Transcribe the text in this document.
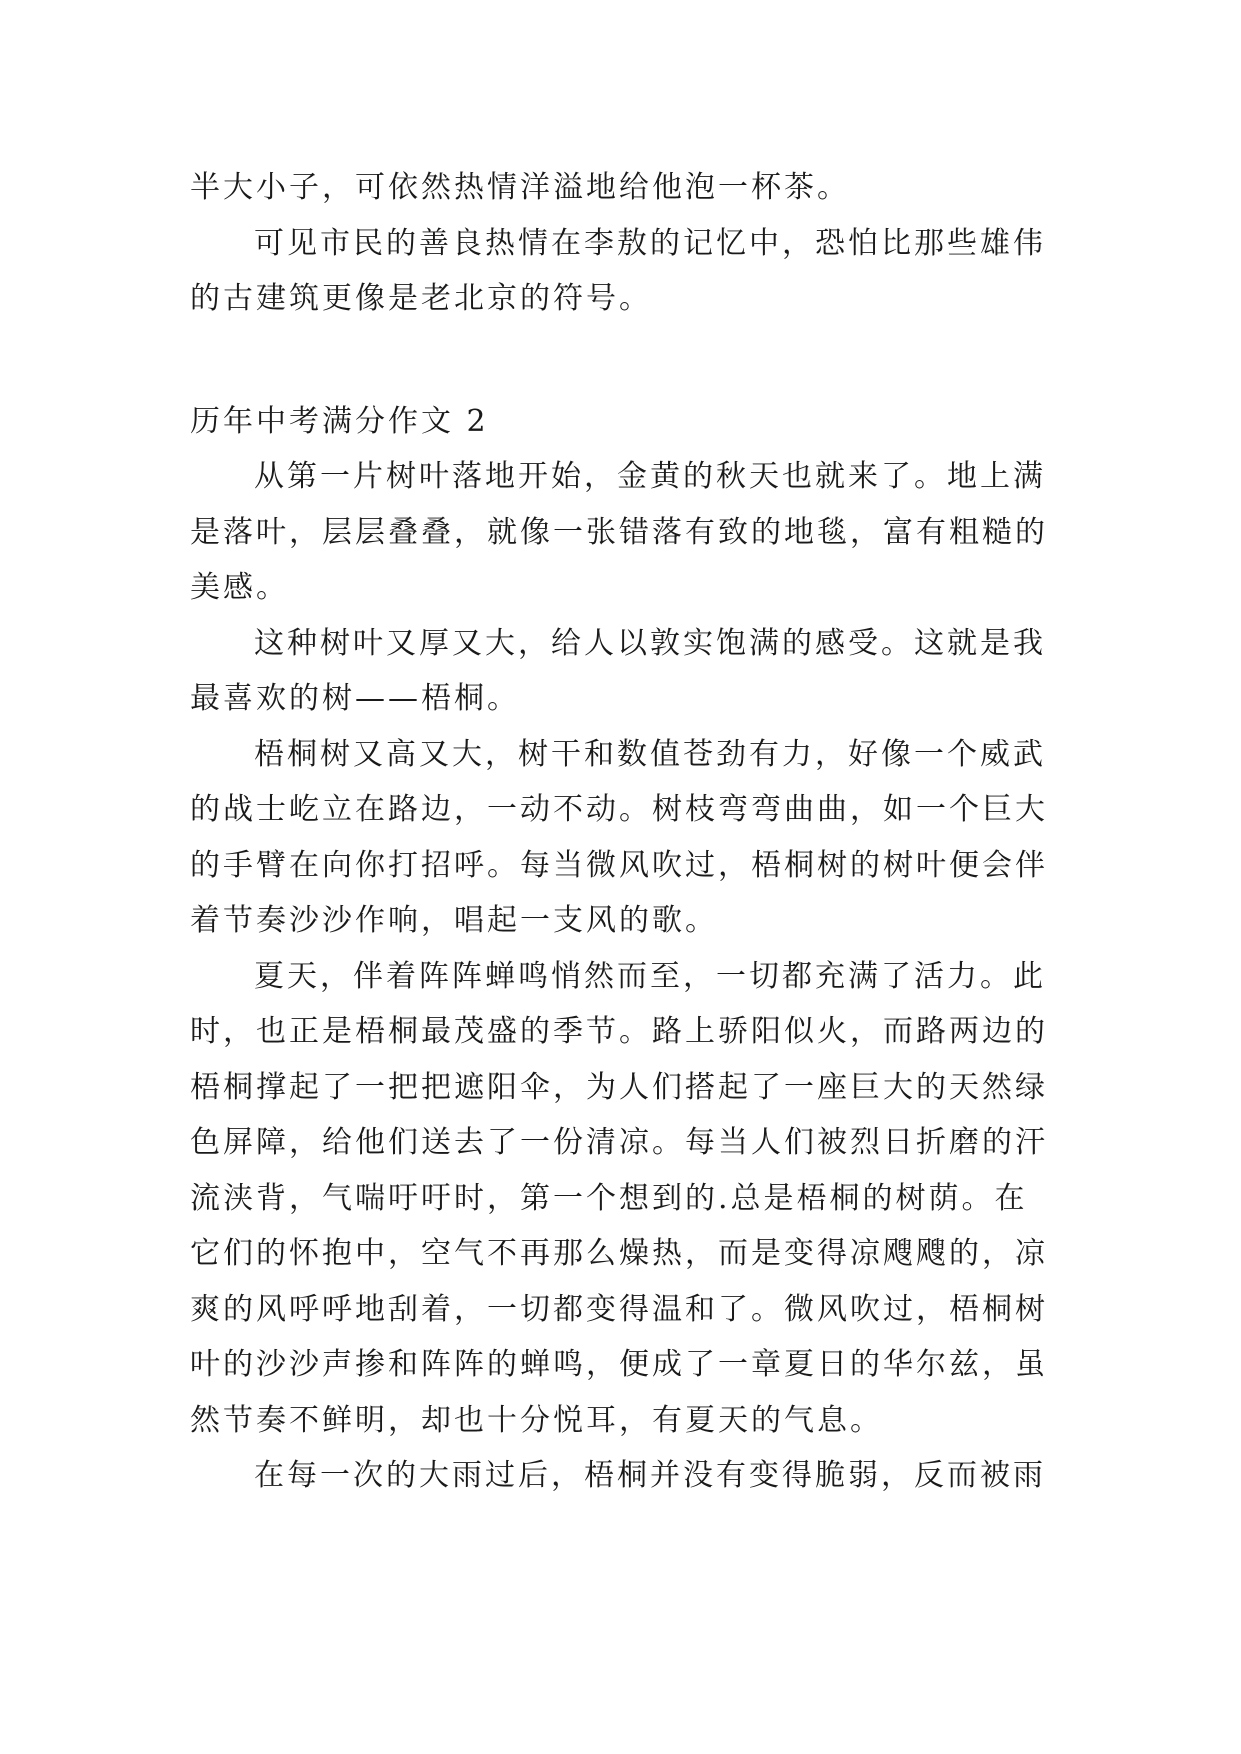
半大小子，可依然热情洋溢地给他泡一杯茶。
可见市民的善良热情在李敖的记忆中，恐怕比那些雄伟
的古建筑更像是老北京的符号。
历年中考满分作文 2
从第一片树叶落地开始，金黄的秋天也就来了。地上满
是落叶，层层叠叠，就像一张错落有致的地毯，富有粗糙的
美感。
这种树叶又厚又大，给人以敦实饱满的感受。这就是我
最喜欢的树——梧桐。
梧桐树又高又大，树干和数值苍劲有力，好像一个威武
的战士屹立在路边，一动不动。树枝弯弯曲曲，如一个巨大
的手臂在向你打招呼。每当微风吹过，梧桐树的树叶便会伴
着节奏沙沙作响，唱起一支风的歌。
夏天，伴着阵阵蝉鸣悄然而至，一切都充满了活力。此
时，也正是梧桐最茂盛的季节。路上骄阳似火，而路两边的
梧桐撑起了一把把遮阳伞，为人们搭起了一座巨大的天然绿
色屏障，给他们送去了一份清凉。每当人们被烈日折磨的汗
流浃背，气喘吁吁时，第一个想到的.总是梧桐的树荫。在
它们的怀抱中，空气不再那么燥热，而是变得凉飕飕的，凉
爽的风呼呼地刮着，一切都变得温和了。微风吹过，梧桐树
叶的沙沙声掺和阵阵的蝉鸣，便成了一章夏日的华尔兹，虽
然节奏不鲜明，却也十分悦耳，有夏天的气息。
在每一次的大雨过后，梧桐并没有变得脆弱，反而被雨
